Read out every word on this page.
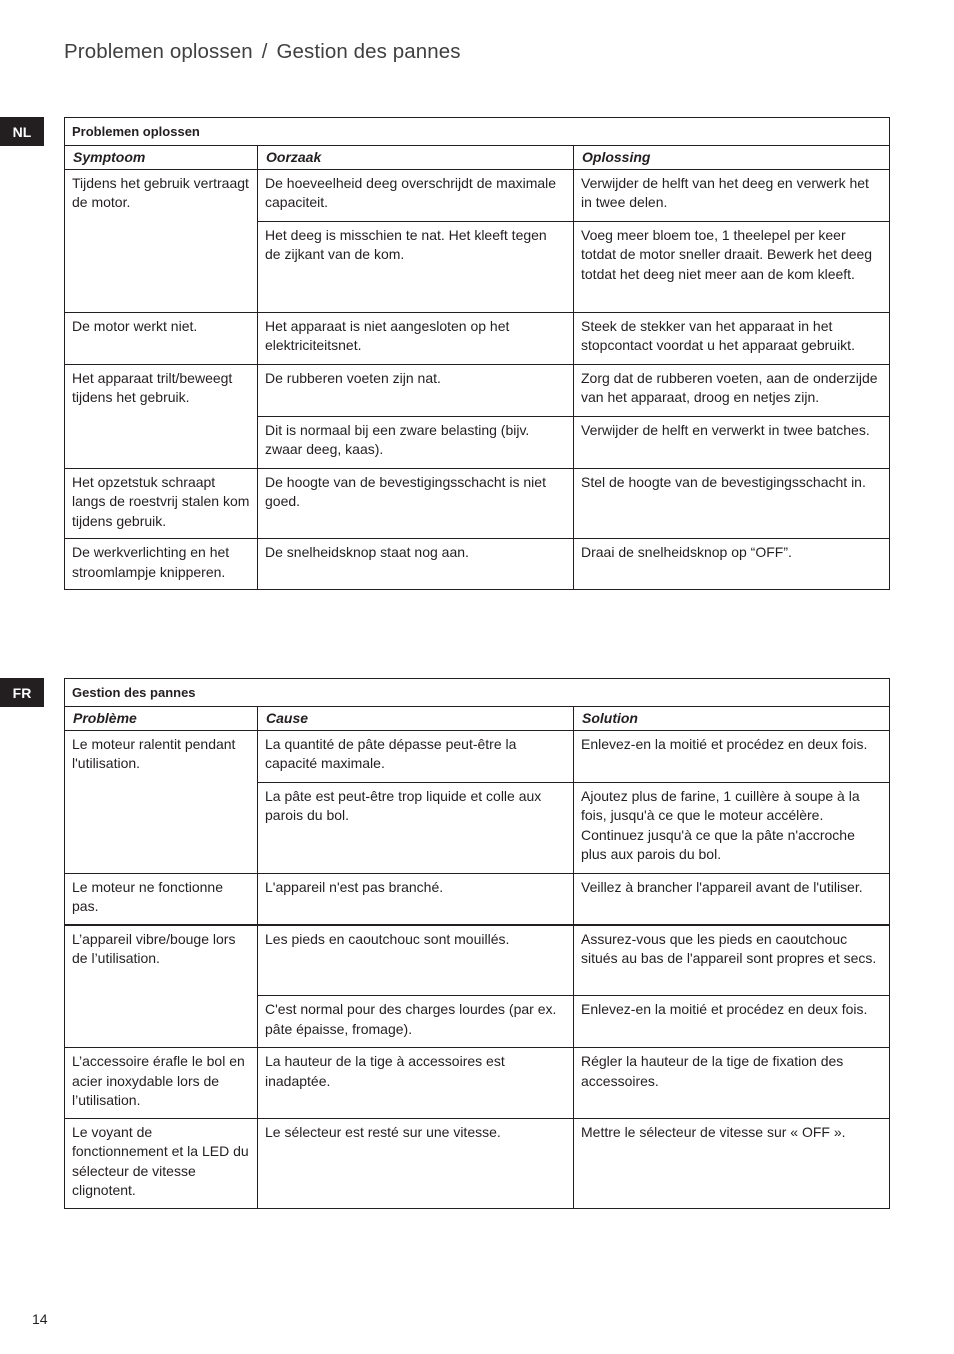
Problemen oplossen / Gestion des pannes
NL	Problemen oplossen		
Symptoom	Oorzaak	Oplossing
Tijdens het gebruik vertraagt de motor.	De hoeveelheid deeg overschrijdt de maximale capaciteit.	Verwijder de helft van het deeg en verwerk het in twee delen.
	Het deeg is misschien te nat. Het kleeft tegen de zijkant van de kom.	Voeg meer bloem toe, 1 theelepel per keer totdat de motor sneller draait. Bewerk het deeg totdat het deeg niet meer aan de kom kleeft.
De motor werkt niet.	Het apparaat is niet aangesloten op het elektriciteitsnet.	Steek de stekker van het apparaat in het stopcontact voordat u het apparaat gebruikt.
Het apparaat trilt/beweegt tijdens het gebruik.	De rubberen voeten zijn nat.	Zorg dat de rubberen voeten, aan de onderzijde van het apparaat, droog en netjes zijn.
	Dit is normaal bij een zware belasting (bijv. zwaar deeg, kaas).	Verwijder de helft en verwerkt in twee batches.
Het opzetstuk schraapt langs de roestvrij stalen kom tijdens gebruik.	De hoogte van de bevestigingsschacht is niet goed.	Stel de hoogte van de bevestigingsschacht in.
De werkverlichting en het stroomlampje knipperen.	De snelheidsknop staat nog aan.	Draai de snelheidsknop op “OFF”.
FR	Gestion des pannes		
Problème	Cause	Solution
Le moteur ralentit pendant l'utilisation.	La quantité de pâte dépasse peut-être la capacité maximale.	Enlevez-en la moitié et procédez en deux fois.
	La pâte est peut-être trop liquide et colle aux parois du bol.	Ajoutez plus de farine, 1 cuillère à soupe à la fois, jusqu'à ce que le moteur accélère. Continuez jusqu'à ce que la pâte n'accroche plus aux parois du bol.
Le moteur ne fonctionne pas.	L'appareil n'est pas branché.	Veillez à brancher l'appareil avant de l'utiliser.
L’appareil vibre/bouge lors de l’utilisation.	Les pieds en caoutchouc sont mouillés.	Assurez-vous que les pieds en caoutchouc situés au bas de l'appareil sont propres et secs.
	C'est normal pour des charges lourdes (par ex. pâte épaisse, fromage).	Enlevez-en la moitié et procédez en deux fois.
L’accessoire érafle le bol en acier inoxydable lors de l’utilisation.	La hauteur de la tige à accessoires est inadaptée.	Régler la hauteur de la tige de fixation des accessoires.
Le voyant de fonctionnement et la LED du sélecteur de vitesse clignotent.	Le sélecteur est resté sur une vitesse.	Mettre le sélecteur de vitesse sur « OFF ».
14
